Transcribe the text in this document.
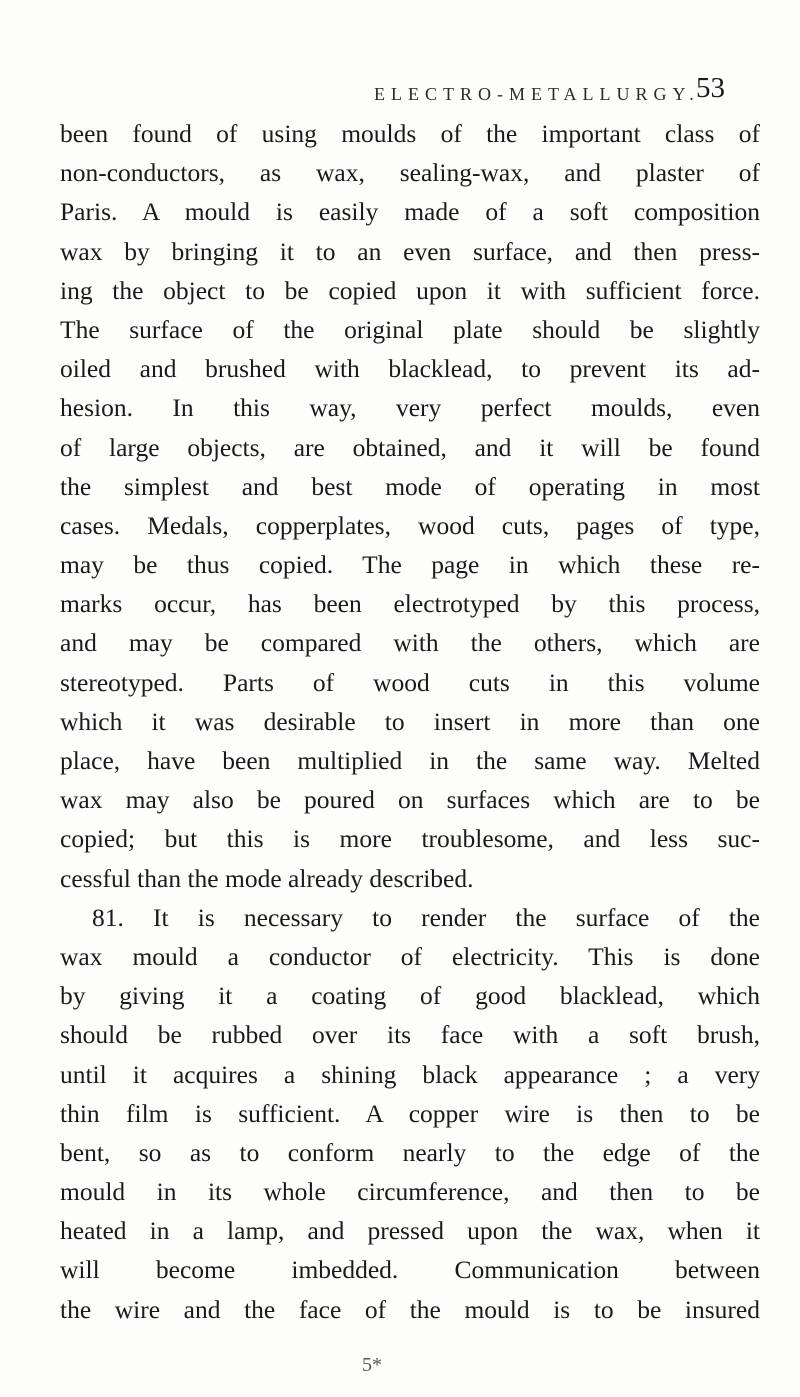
ELECTRO-METALLURGY.
53
been found of using moulds of the important class of
non-conductors, as wax, sealing-wax, and plaster of
Paris. A mould is easily made of a soft composition
wax by bringing it to an even surface, and then press-
ing the object to be copied upon it with sufficient force.
The surface of the original plate should be slightly
oiled and brushed with blacklead, to prevent its ad-
hesion. In this way, very perfect moulds, even
of large objects, are obtained, and it will be found
the simplest and best mode of operating in most
cases. Medals, copperplates, wood cuts, pages of type,
may be thus copied. The page in which these re-
marks occur, has been electrotyped by this process,
and may be compared with the others, which are
stereotyped. Parts of wood cuts in this volume
which it was desirable to insert in more than one
place, have been multiplied in the same way. Melted
wax may also be poured on surfaces which are to be
copied; but this is more troublesome, and less suc-
cessful than the mode already described.
81. It is necessary to render the surface of the
wax mould a conductor of electricity. This is done
by giving it a coating of good blacklead, which
should be rubbed over its face with a soft brush,
until it acquires a shining black appearance ; a very
thin film is sufficient. A copper wire is then to be
bent, so as to conform nearly to the edge of the
mould in its whole circumference, and then to be
heated in a lamp, and pressed upon the wax, when it
will become imbedded. Communication between
the wire and the face of the mould is to be insured
5*
